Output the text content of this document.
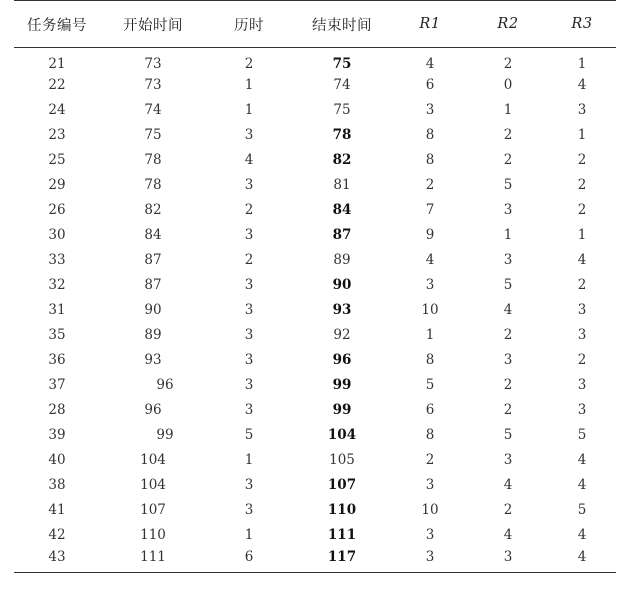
任务编号	开始时间	历时	结束时间	R1	R2	R3
21	73	2	75	4	2	1
22	73	1	74	6	0	4
24	74	1	75	3	1	3
23	75	3	78	8	2	1
25	78	4	82	8	2	2
29	78	3	81	2	5	2
26	82	2	84	7	3	2
30	84	3	87	9	1	1
33	87	2	89	4	3	4
32	87	3	90	3	5	2
31	90	3	93	10	4	3
35	89	3	92	1	2	3
36	93	3	96	8	3	2
37	96	3	99	5	2	3
28	96	3	99	6	2	3
39	99	5	104	8	5	5
40	104	1	105	2	3	4
38	104	3	107	3	4	4
41	107	3	110	10	2	5
42	110	1	111	3	4	4
43	111	6	117	3	3	4
